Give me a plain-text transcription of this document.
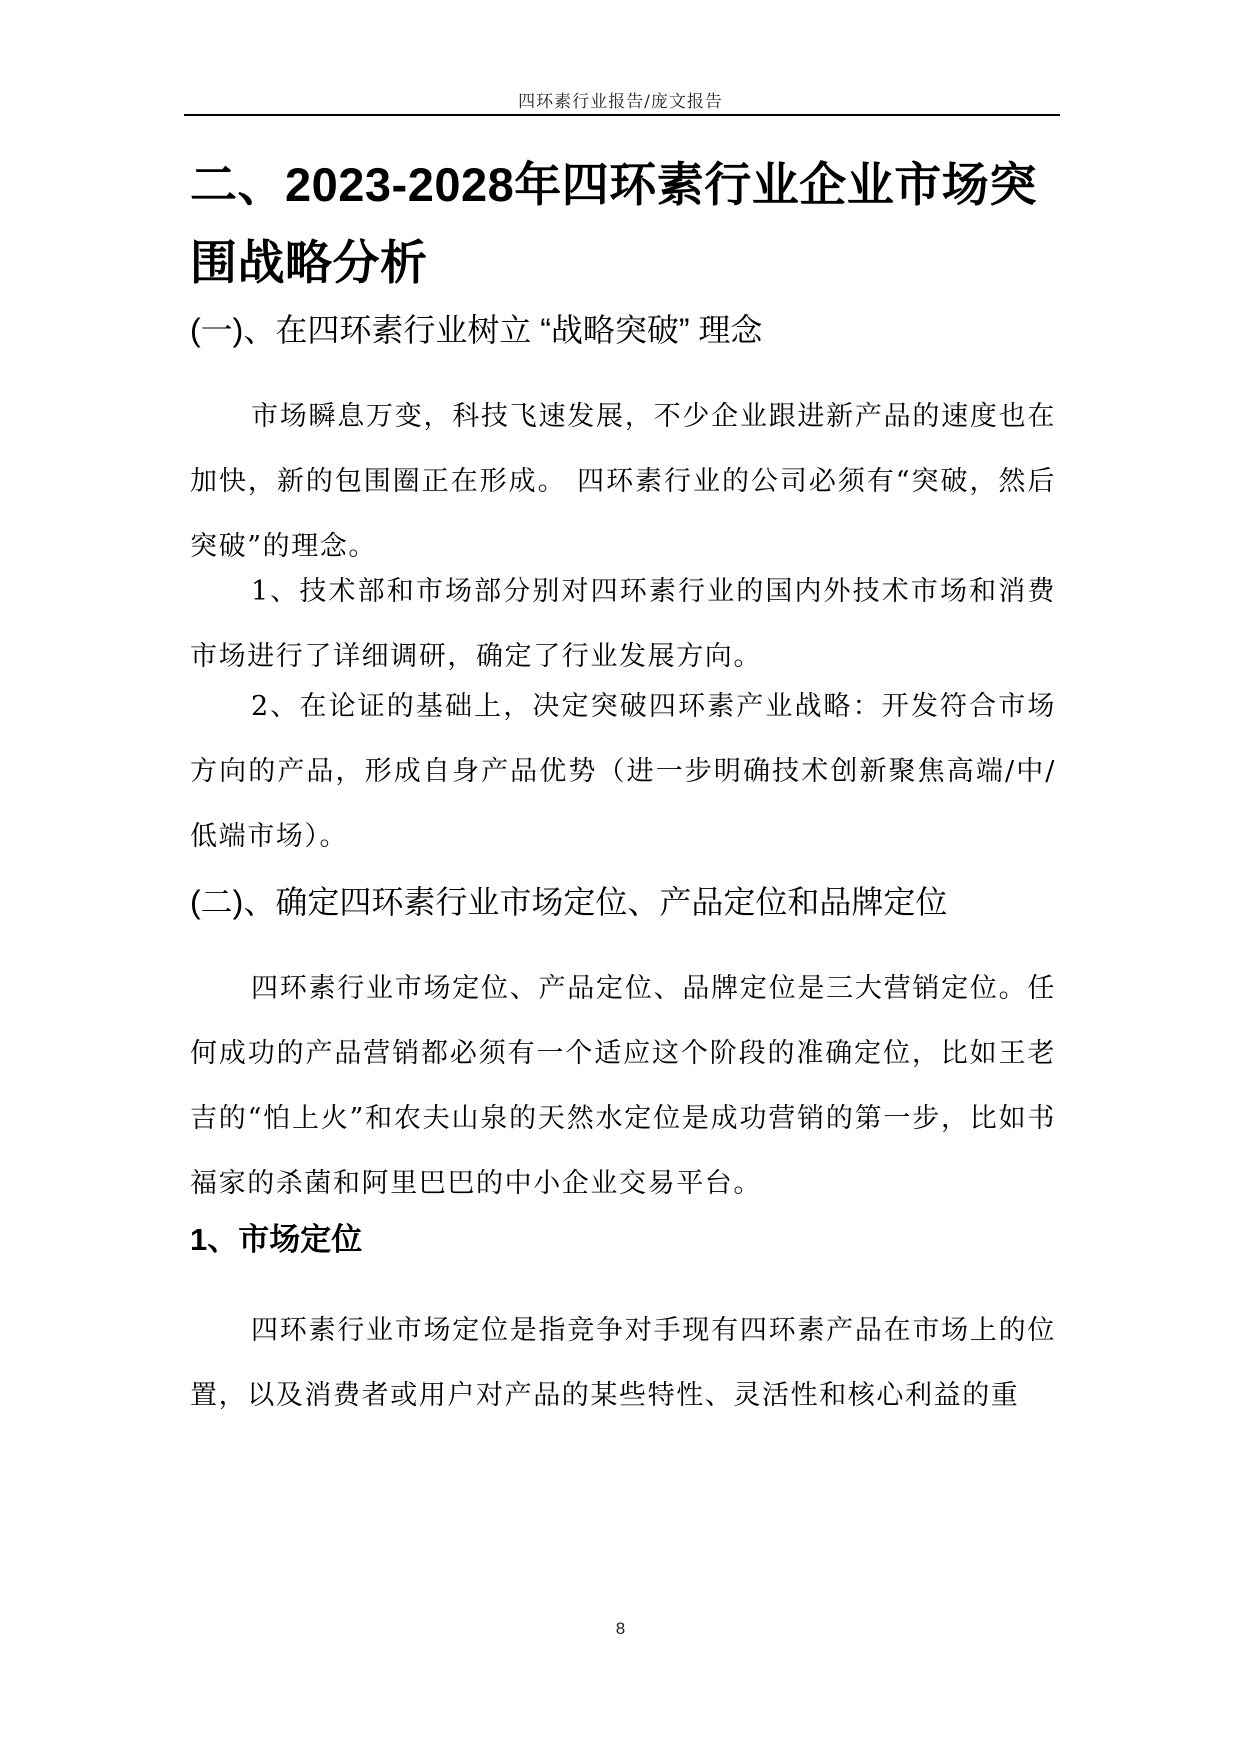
四环素行业报告/庞文报告
二、2023-2028年四环素行业企业市场突围战略分析
(一)、在四环素行业树立 “战略突破” 理念

市场瞬息万变，科技飞速发展，不少企业跟进新产品的速度也在加快，新的包围圈正在形成。 四环素行业的公司必须有“突破，然后突破”的理念。

1、技术部和市场部分别对四环素行业的国内外技术市场和消费市场进行了详细调研，确定了行业发展方向。

2、在论证的基础上，决定突破四环素产业战略：开发符合市场方向的产品，形成自身产品优势（进一步明确技术创新聚焦高端/中/低端市场）。

(二)、确定四环素行业市场定位、产品定位和品牌定位

四环素行业市场定位、产品定位、品牌定位是三大营销定位。任何成功的产品营销都必须有一个适应这个阶段的准确定位，比如王老吉的“怕上火”和农夫山泉的天然水定位是成功营销的第一步，比如书福家的杀菌和阿里巴巴的中小企业交易平台。

1、市场定位

四环素行业市场定位是指竞争对手现有四环素产品在市场上的位置，以及消费者或用户对产品的某些特性、灵活性和核心利益的重

8
